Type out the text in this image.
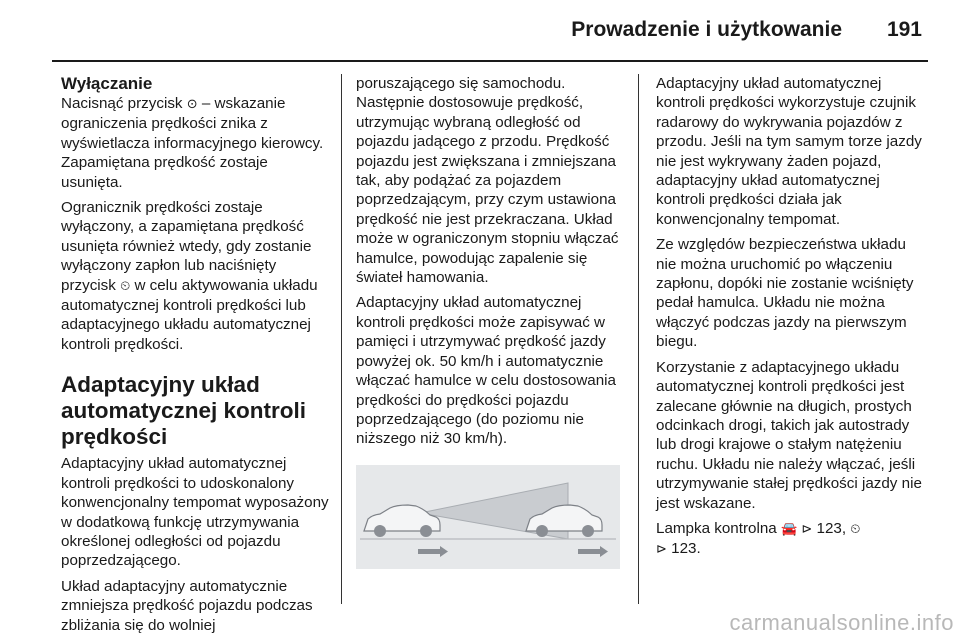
Prowadzenie i użytkowanie 191
Wyłączanie

Nacisnąć przycisk ⊙ – wskazanie ograniczenia prędkości znika z wyświetlacza informacyjnego kierowcy. Zapamiętana prędkość zostaje usunięta.

Ogranicznik prędkości zostaje wyłączony, a zapamiętana prędkość usunięta również wtedy, gdy zostanie wyłączony zapłon lub naciśnięty przycisk ⏲ w celu aktywowania układu automatycznej kontroli prędkości lub adaptacyjnego układu automatycznej kontroli prędkości.

Adaptacyjny układ automatycznej kontroli prędkości

Adaptacyjny układ automatycznej kontroli prędkości to udoskonalony konwencjonalny tempomat wyposażony w dodatkową funkcję utrzymywania określonej odległości od pojazdu poprzedzającego.

Układ adaptacyjny automatycznie zmniejsza prędkość pojazdu podczas zbliżania się do wolniej

poruszającego się samochodu. Następnie dostosowuje prędkość, utrzymując wybraną odległość od pojazdu jadącego z przodu. Prędkość pojazdu jest zwiększana i zmniejszana tak, aby podążać za pojazdem poprzedzającym, przy czym ustawiona prędkość nie jest przekraczana. Układ może w ograniczonym stopniu włączać hamulce, powodując zapalenie się świateł hamowania.

Adaptacyjny układ automatycznej kontroli prędkości może zapisywać w pamięci i utrzymywać prędkość jazdy powyżej ok. 50 km/h i automatycznie włączać hamulce w celu dostosowania prędkości do prędkości pojazdu poprzedzającego (do poziomu nie niższego niż 30 km/h).

Adaptacyjny układ automatycznej kontroli prędkości wykorzystuje czujnik radarowy do wykrywania pojazdów z przodu. Jeśli na tym samym torze jazdy nie jest wykrywany żaden pojazd, adaptacyjny układ automatycznej kontroli prędkości działa jak konwencjonalny tempomat.

Ze względów bezpieczeństwa układu nie można uruchomić po włączeniu zapłonu, dopóki nie zostanie wciśnięty pedał hamulca. Układu nie można włączyć podczas jazdy na pierwszym biegu.

Korzystanie z adaptacyjnego układu automatycznej kontroli prędkości jest zalecane głównie na długich, prostych odcinkach drogi, takich jak autostrady lub drogi krajowe o stałym natężeniu ruchu. Układu nie należy włączać, jeśli utrzymywanie stałej prędkości jazdy nie jest wskazane.

Lampka kontrolna 🚘 ⊳ 123, ⏲
⊳ 123.

carmanualsonline.info
